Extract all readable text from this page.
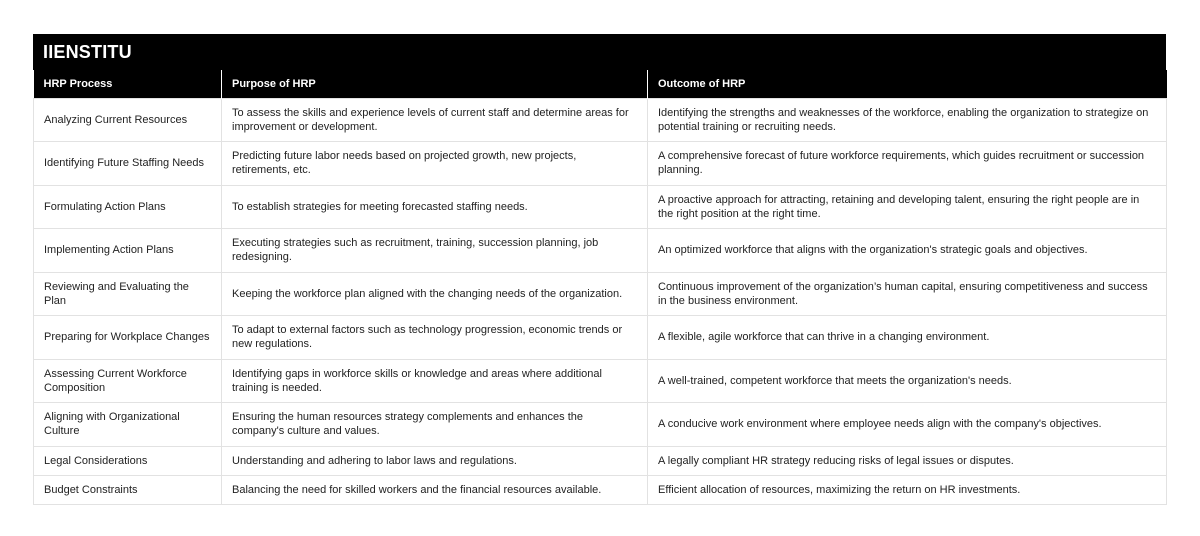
IIENSTITU
HRP Process	Purpose of HRP	Outcome of HRP
Analyzing Current Resources	To assess the skills and experience levels of current staff and determine areas for improvement or development.	Identifying the strengths and weaknesses of the workforce, enabling the organization to strategize on potential training or recruiting needs.
Identifying Future Staffing Needs	Predicting future labor needs based on projected growth, new projects, retirements, etc.	A comprehensive forecast of future workforce requirements, which guides recruitment or succession planning.
Formulating Action Plans	To establish strategies for meeting forecasted staffing needs.	A proactive approach for attracting, retaining and developing talent, ensuring the right people are in the right position at the right time.
Implementing Action Plans	Executing strategies such as recruitment, training, succession planning, job redesigning.	An optimized workforce that aligns with the organization's strategic goals and objectives.
Reviewing and Evaluating the Plan	Keeping the workforce plan aligned with the changing needs of the organization.	Continuous improvement of the organization’s human capital, ensuring competitiveness and success in the business environment.
Preparing for Workplace Changes	To adapt to external factors such as technology progression, economic trends or new regulations.	A flexible, agile workforce that can thrive in a changing environment.
Assessing Current Workforce Composition	Identifying gaps in workforce skills or knowledge and areas where additional training is needed.	A well-trained, competent workforce that meets the organization's needs.
Aligning with Organizational Culture	Ensuring the human resources strategy complements and enhances the company's culture and values.	A conducive work environment where employee needs align with the company's objectives.
Legal Considerations	Understanding and adhering to labor laws and regulations.	A legally compliant HR strategy reducing risks of legal issues or disputes.
Budget Constraints	Balancing the need for skilled workers and the financial resources available.	Efficient allocation of resources, maximizing the return on HR investments.
